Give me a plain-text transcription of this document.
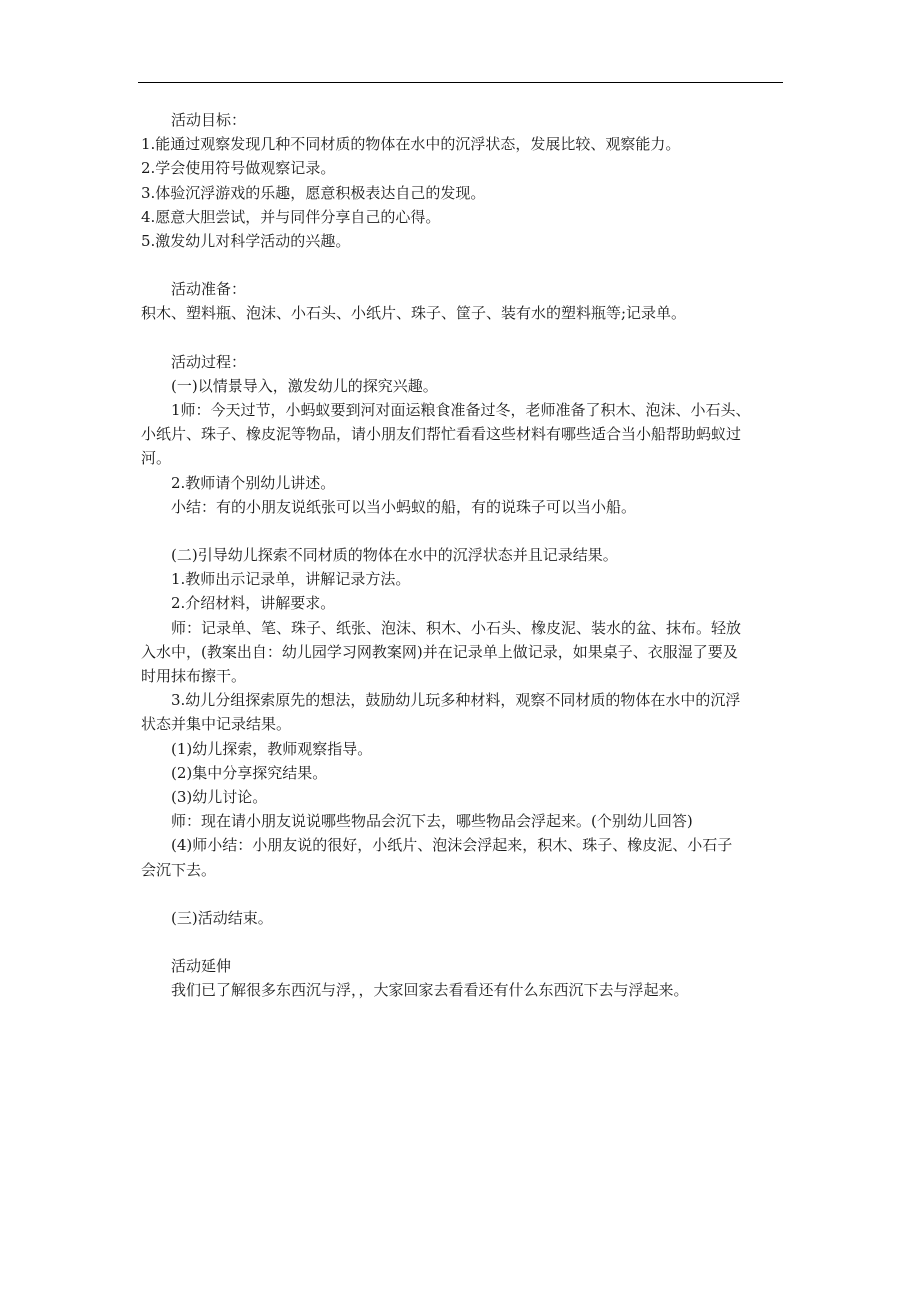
活动目标：
1.能通过观察发现几种不同材质的物体在水中的沉浮状态，发展比较、观察能力。
2.学会使用符号做观察记录。
3.体验沉浮游戏的乐趣，愿意积极表达自己的发现。
4.愿意大胆尝试，并与同伴分享自己的心得。
5.激发幼儿对科学活动的兴趣。
活动准备：
积木、塑料瓶、泡沫、小石头、小纸片、珠子、筐子、装有水的塑料瓶等;记录单。
活动过程：
(一)以情景导入，激发幼儿的探究兴趣。
1师：今天过节，小蚂蚁要到河对面运粮食准备过冬，老师准备了积木、泡沫、小石头、
小纸片、珠子、橡皮泥等物品，请小朋友们帮忙看看这些材料有哪些适合当小船帮助蚂蚁过
河。
2.教师请个别幼儿讲述。
小结：有的小朋友说纸张可以当小蚂蚁的船，有的说珠子可以当小船。
(二)引导幼儿探索不同材质的物体在水中的沉浮状态并且记录结果。
1.教师出示记录单，讲解记录方法。
2.介绍材料，讲解要求。
师：记录单、笔、珠子、纸张、泡沫、积木、小石头、橡皮泥、装水的盆、抹布。轻放
入水中，(教案出自：幼儿园学习网教案网)并在记录单上做记录，如果桌子、衣服湿了要及
时用抹布擦干。
3.幼儿分组探索原先的想法，鼓励幼儿玩多种材料，观察不同材质的物体在水中的沉浮
状态并集中记录结果。
(1)幼儿探索，教师观察指导。
(2)集中分享探究结果。
(3)幼儿讨论。
师：现在请小朋友说说哪些物品会沉下去，哪些物品会浮起来。(个别幼儿回答)
(4)师小结：小朋友说的很好，小纸片、泡沫会浮起来，积木、珠子、橡皮泥、小石子
会沉下去。
(三)活动结束。
活动延伸
我们已了解很多东西沉与浮，，大家回家去看看还有什么东西沉下去与浮起来。
